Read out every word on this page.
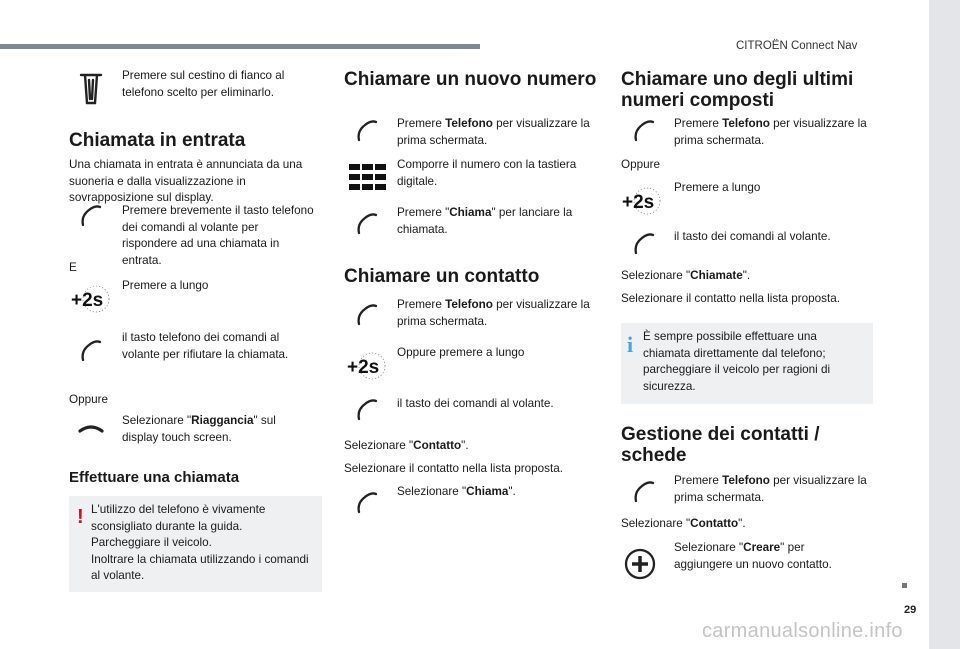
CITROËN Connect Nav
29
carmanualsonline.info
Premere sul cestino di fianco al telefono scelto per eliminarlo.
Chiamata in entrata
Una chiamata in entrata è annunciata da una suoneria e dalla visualizzazione in sovrapposizione sul display.
Premere brevemente il tasto telefono dei comandi al volante per rispondere ad una chiamata in entrata.
E
+2s
Premere a lungo
il tasto telefono dei comandi al volante per rifiutare la chiamata.
Oppure
Selezionare "Riaggancia" sul display touch screen.
Effettuare una chiamata
! L'utilizzo del telefono è vivamente sconsigliato durante la guida.
Parcheggiare il veicolo.
Inoltrare la chiamata utilizzando i comandi al volante.
Chiamare un nuovo numero
Premere Telefono per visualizzare la prima schermata.
Comporre il numero con la tastiera digitale.
Premere "Chiama" per lanciare la chiamata.
Chiamare un contatto
Premere Telefono per visualizzare la prima schermata.
+2s
Oppure premere a lungo
il tasto dei comandi al volante.
Selezionare "Contatto".
Selezionare il contatto nella lista proposta.
Selezionare "Chiama".
Chiamare uno degli ultimi numeri composti
Premere Telefono per visualizzare la prima schermata.
Oppure
+2s
Premere a lungo
il tasto dei comandi al volante.
Selezionare "Chiamate".
Selezionare il contatto nella lista proposta.
i È sempre possibile effettuare una chiamata direttamente dal telefono; parcheggiare il veicolo per ragioni di sicurezza.
Gestione dei contatti / schede
Premere Telefono per visualizzare la prima schermata.
Selezionare "Contatto".
Selezionare "Creare" per aggiungere un nuovo contatto.
